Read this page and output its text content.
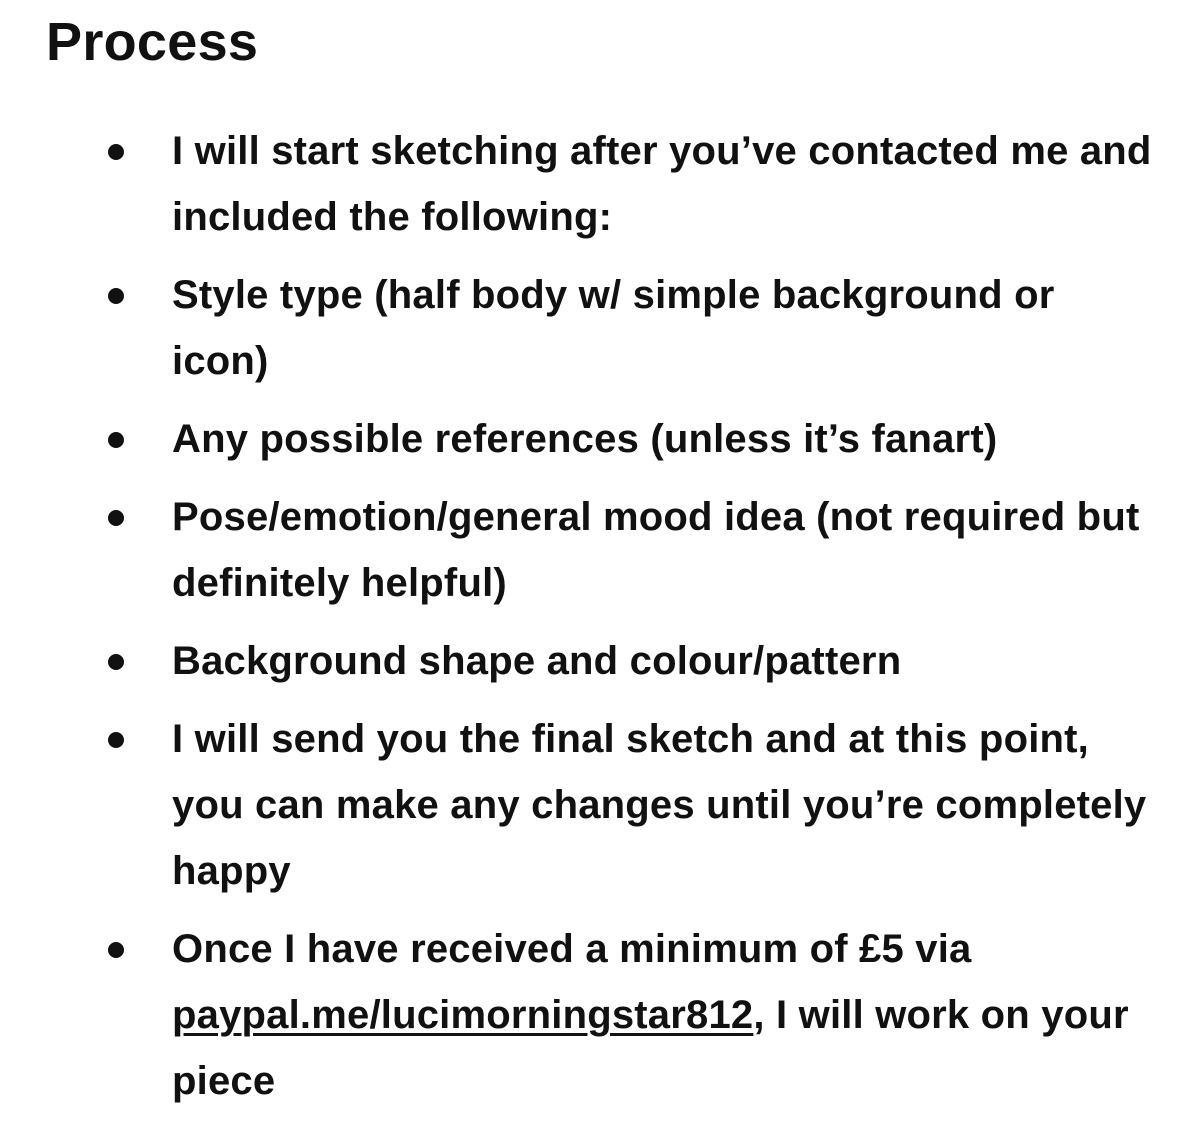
Process
I will start sketching after you’ve contacted me and included the following:
Style type (half body w/ simple background or icon)
Any possible references (unless it’s fanart)
Pose/emotion/general mood idea (not required but definitely helpful)
Background shape and colour/pattern
I will send you the final sketch and at this point, you can make any changes until you’re completely happy
Once I have received a minimum of £5 via paypal.me/lucimorningstar812, I will work on your piece
